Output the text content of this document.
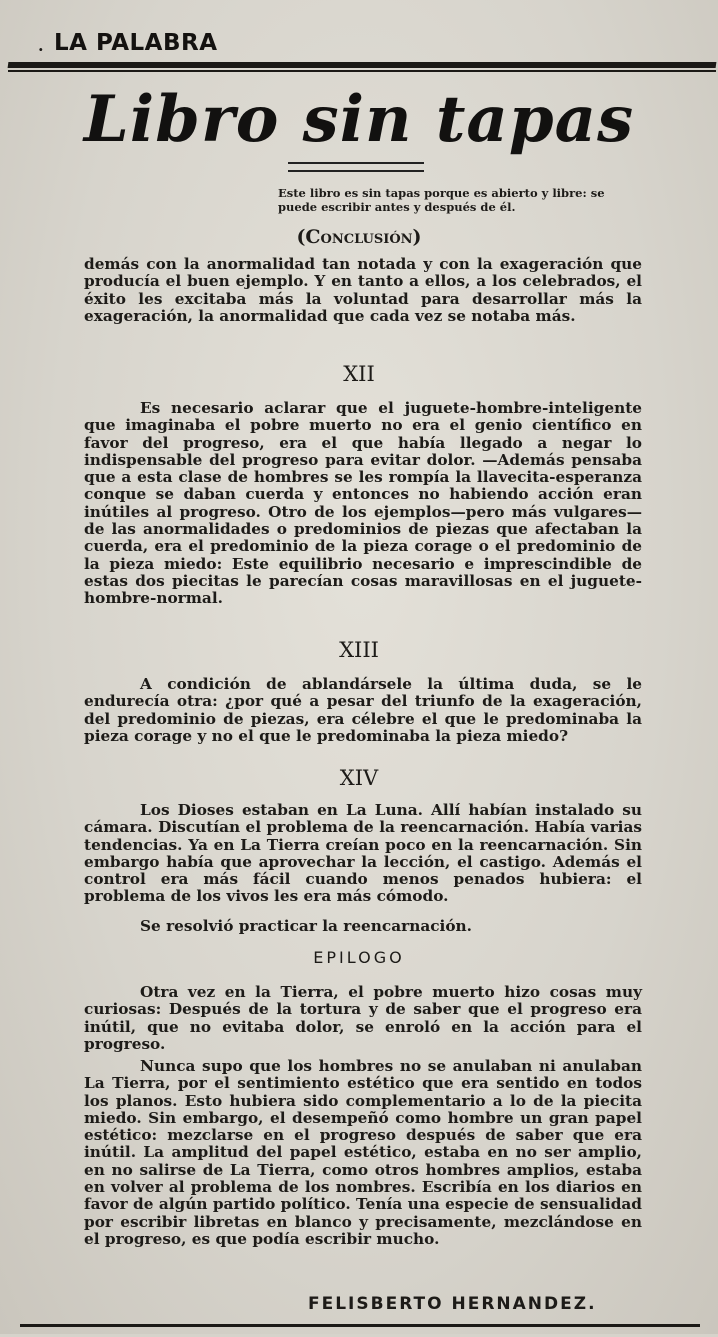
· LA PALABRA
Libro sin tapas

Este libro es sin tapas porque es abierto y libre: se puede escribir antes y después de él.

(Conclusión)

demás con la anormalidad tan notada y con la exageración que producía el buen ejemplo. Y en tanto a ellos, a los celebrados, el éxito les excitaba más la voluntad para desarrollar más la exageración, la anormalidad que cada vez se notaba más.

XII

Es necesario aclarar que el juguete-hombre-inteligente que imaginaba el pobre muerto no era el genio científico en favor del progreso, era el que había llegado a negar lo indispensable del progreso para evitar dolor. —Además pensaba que a esta clase de hombres se les rompía la llavecita-esperanza conque se daban cuerda y entonces no habiendo acción eran inútiles al progreso. Otro de los ejemplos—pero más vulgares— de las anormalidades o predominios de piezas que afectaban la cuerda, era el predominio de la pieza corage o el predominio de la pieza miedo: Este equilibrio necesario e imprescindible de estas dos piecitas le parecían cosas maravillosas en el juguete-hombre-normal.

XIII

A condición de ablandársele la última duda, se le endurecía otra: ¿por qué a pesar del triunfo de la exageración, del predominio de piezas, era célebre el que le predominaba la pieza corage y no el que le predominaba la pieza miedo?

XIV

Los Dioses estaban en La Luna. Allí habían instalado su cámara. Discutían el problema de la reencarnación. Había varias tendencias. Ya en La Tierra creían poco en la reencarnación. Sin embargo había que aprovechar la lección, el castigo. Además el control era más fácil cuando menos penados hubiera: el problema de los vivos les era más cómodo.

Se resolvió practicar la reencarnación.

EPILOGO

Otra vez en la Tierra, el pobre muerto hizo cosas muy curiosas: Después de la tortura y de saber que el progreso era inútil, que no evitaba dolor, se enroló en la acción para el progreso.

Nunca supo que los hombres no se anulaban ni anulaban La Tierra, por el sentimiento estético que era sentido en todos los planos. Esto hubiera sido complementario a lo de la piecita miedo. Sin embargo, el desempeñó como hombre un gran papel estético: mezclarse en el progreso después de saber que era inútil. La amplitud del papel estético, estaba en no ser amplio, en no salirse de La Tierra, como otros hombres amplios, estaba en volver al problema de los nombres. Escribía en los diarios en favor de algún partido político. Tenía una especie de sensualidad por escribir libretas en blanco y precisamente, mezclándose en el progreso, es que podía escribir mucho.

FELISBERTO HERNANDEZ.
